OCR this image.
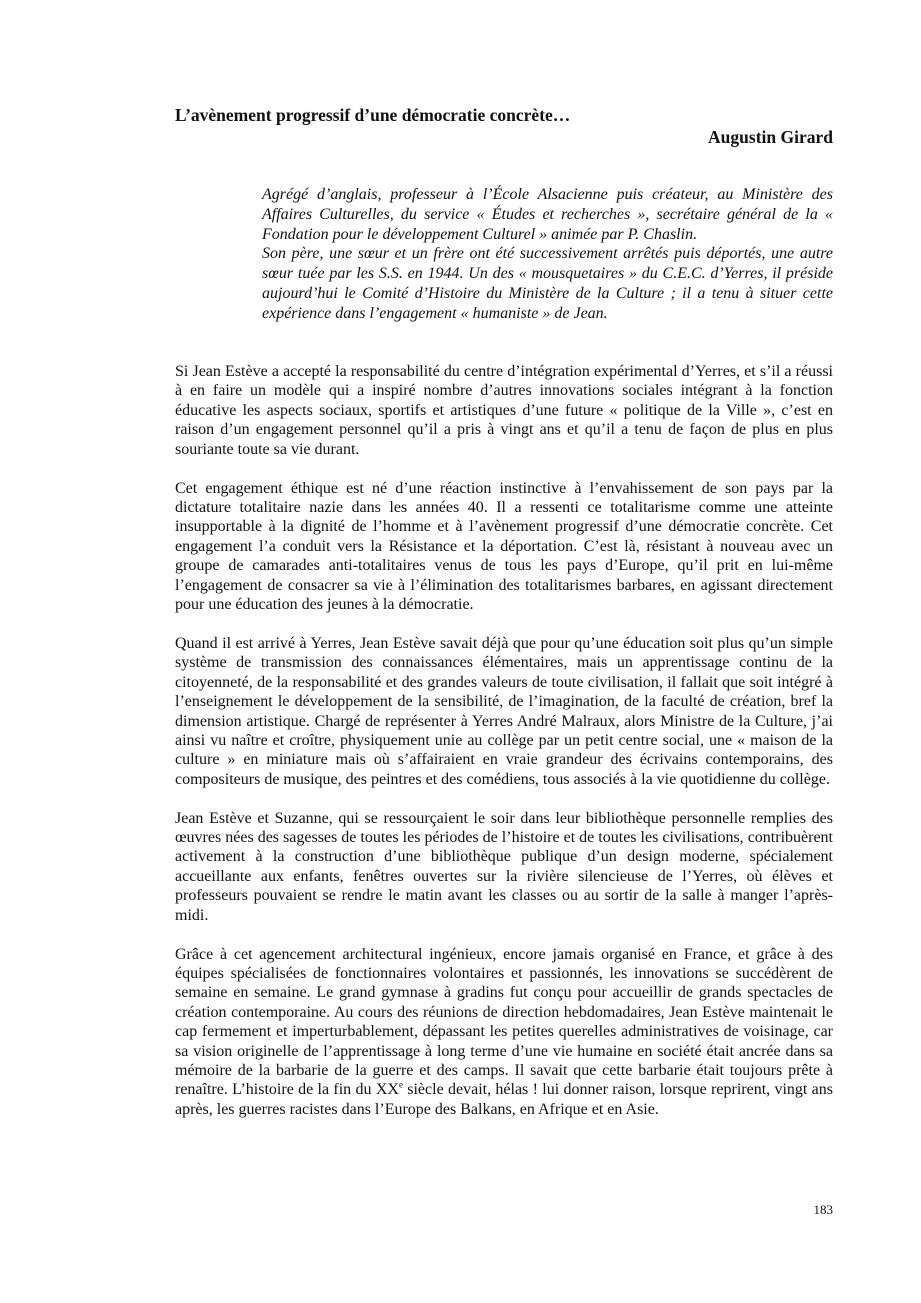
L’avènement progressif d’une démocratie concrète…
Augustin Girard

Agrégé d’anglais, professeur à l’École Alsacienne puis créateur, au Ministère des Affaires Culturelles, du service « Études et recherches », secrétaire général de la « Fondation pour le développement Culturel » animée par P. Chaslin.

Son père, une sœur et un frère ont été successivement arrêtés puis déportés, une autre sœur tuée par les S.S. en 1944. Un des « mousquetaires » du C.E.C. d’Yerres, il préside aujourd’hui le Comité d’Histoire du Ministère de la Culture ; il a tenu à situer cette expérience dans l’engagement « humaniste » de Jean.

Si Jean Estève a accepté la responsabilité du centre d’intégration expérimental d’Yerres, et s’il a réussi à en faire un modèle qui a inspiré nombre d’autres innovations sociales intégrant à la fonction éducative les aspects sociaux, sportifs et artistiques d’une future « politique de la Ville », c’est en raison d’un engagement personnel qu’il a pris à vingt ans et qu’il a tenu de façon de plus en plus souriante toute sa vie durant.

Cet engagement éthique est né d’une réaction instinctive à l’envahissement de son pays par la dictature totalitaire nazie dans les années 40. Il a ressenti ce totalitarisme comme une atteinte insupportable à la dignité de l’homme et à l’avènement progressif d’une démocratie concrète. Cet engagement l’a conduit vers la Résistance et la déportation. C’est là, résistant à nouveau avec un groupe de camarades anti-totalitaires venus de tous les pays d’Europe, qu’il prit en lui-même l’engagement de consacrer sa vie à l’élimination des totalitarismes barbares, en agissant directement pour une éducation des jeunes à la démocratie.

Quand il est arrivé à Yerres, Jean Estève savait déjà que pour qu’une éducation soit plus qu’un simple système de transmission des connaissances élémentaires, mais un apprentissage continu de la citoyenneté, de la responsabilité et des grandes valeurs de toute civilisation, il fallait que soit intégré à l’enseignement le développement de la sensibilité, de l’imagination, de la faculté de création, bref la dimension artistique. Chargé de représenter à Yerres André Malraux, alors Ministre de la Culture, j’ai ainsi vu naître et croître, physiquement unie au collège par un petit centre social, une « maison de la culture » en miniature mais où s’affairaient en vraie grandeur des écrivains contemporains, des compositeurs de musique, des peintres et des comédiens, tous associés à la vie quotidienne du collège.

Jean Estève et Suzanne, qui se ressourçaient le soir dans leur bibliothèque personnelle remplies des œuvres nées des sagesses de toutes les périodes de l’histoire et de toutes les civilisations, contribuèrent activement à la construction d’une bibliothèque publique d’un design moderne, spécialement accueillante aux enfants, fenêtres ouvertes sur la rivière silencieuse de l’Yerres, où élèves et professeurs pouvaient se rendre le matin avant les classes ou au sortir de la salle à manger l’après-midi.

Grâce à cet agencement architectural ingénieux, encore jamais organisé en France, et grâce à des équipes spécialisées de fonctionnaires volontaires et passionnés, les innovations se succédèrent de semaine en semaine. Le grand gymnase à gradins fut conçu pour accueillir de grands spectacles de création contemporaine. Au cours des réunions de direction hebdomadaires, Jean Estève maintenait le cap fermement et imperturbablement, dépassant les petites querelles administratives de voisinage, car sa vision originelle de l’apprentissage à long terme d’une vie humaine en société était ancrée dans sa mémoire de la barbarie de la guerre et des camps. Il savait que cette barbarie était toujours prête à renaître. L’histoire de la fin du XXe siècle devait, hélas ! lui donner raison, lorsque reprirent, vingt ans après, les guerres racistes dans l’Europe des Balkans, en Afrique et en Asie.

183
